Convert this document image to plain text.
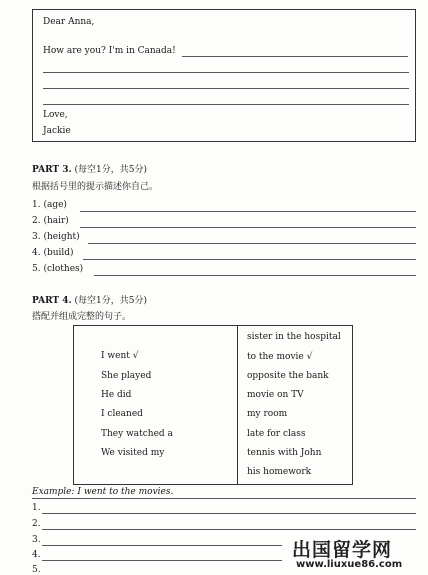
Dear Anna,
How are you? I'm in Canada!
Love,
Jackie
PART 3. (每空1分，共5分)
根据括号里的提示描述你自己。
1. (age)
2. (hair)
3. (height)
4. (build)
5. (clothes)
PART 4. (每空1分，共5分)
搭配并组成完整的句子。
I went √
She played
He did
I cleaned
They watched a
We visited my
sister in the hospital
to the movie √
opposite the bank
movie on TV
my room
late for class
tennis with John
his homework
Example: I went to the movies.
1.
2.
3.
4.
5.
出国留学网
www.liuxue86.com
